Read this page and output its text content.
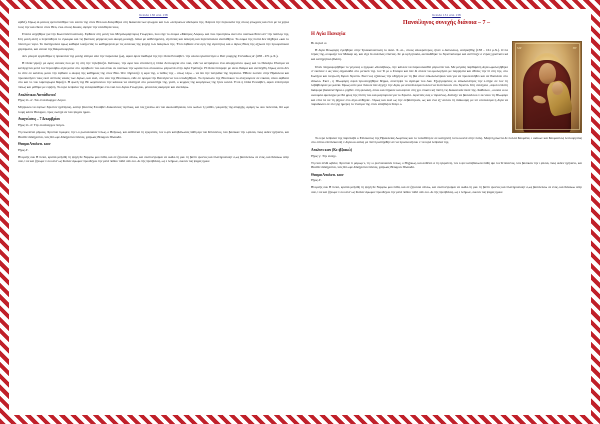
Σελίδα 130 από 138

αρθεί). Όμως αι μέσοις εμπιστεύθηκε τον εαυτό της στον Θεό και διεκρίθηκε στη διακονία των φτωχών και των «λεπρώτων αδελφών της. Χάρισε την περιουσία της στους φτωχούς και έτσι με τα χέρια τους την και έδεσε στον Θεό, ενώ στους δικούς, άφησε την ελευθερία τους.

Επειτα ασχήθηκε για την Κωνσταντινούπολη. Εφθασε στη μονή του Μεγαλομάρτυρος Γεωργίου, που είχε το όνομα «Μαύρος Λόφος» και που προσηλύω εκεί στο ναόπωκ θέλει απ' την παύλεμ της, Στη μονή αυτή ο περιπόθησε το εγκώμιο και τις βιοτικές μέριμνες και ακόμη μοναχή. Δέκα με ασθενημένες, νηστείας και άσκηση και περιπατούσα ανεπάθητα. Το σώμα της πιστά δεν δέχθηκε «και το πλύση με νερό. Το διατηρούσα όμως καθαρά λούζοντάς το καθημερινά με τις ασιελώς της ψυχής των δακρύων της. Έτσι έφθασε στα όρη της αγιότητος και ο Άγιος Θεός της αξίωσε την προορατικού χαρίσματα, και αυτού της θαυματουργίας.

Δεν μπορεί εργάσθηκε η πρόκειται της μονής εδόγκε από την παρούσια ζωή, αφού άρσε διαθορά της την Οσία Ελισάβετ. την οποία εγκατέστησε ο Πατ ριαρχης Γεννάδιος Α' (458 - 471 μ.Χ.).

Η Οσία γέμιζε με ώρες αυτούς που με τη στη την τηλεβλέζει. Κάποιος. την ώρα που επελέκτη η Οσία Λειτουργία στο ναό, είδε να αστράφτου ένα απορηριόντο φωςς και το Πανάγιο Πνεύμα να κατέρχεται μετά τον Ιερονόβιο αγία μέσα στο ιερόβιοτε του και όπου εκ ναόπωκ την ωραία που στοκούνω μπροστά στην Αγία Τράπεζα. Η Οσία πέλεμψε με αυτο θαύμα και ανεπέχθη. Όμως αυτό δεν το είπε σε κανένα, μόνο την έφθασε ο αυφός της καθημιας της στον Θεό. Ότε πήρτασζε η ώρα της, ο πόθος της – όπως λέγω – να δει την πατράδα της περίσσια. Ήθελε λοιπόν στην Ηράκλεια και προσκυνήσει τους εκεί σεπτούς ναούς των Αγίων, και εκεί, στο ναό της Θεοτόκου, είδε σε όραμα την Παναγία να του υποδεχθήκει. Το πρόσωπο της Θεοτόκου το ανεγνώρισε σε εικόνα, όπου αφθασε στο και το του λαμπυρωρα θαμιζεί. Η φωνή της Θε ωεμπιοντου την κάνοκκ να υπατηρεί στο μοναστήρι της, γιατί, ο κεμρός της κοιμήσεως της ήτον κοντά. Έτσι η Οσία Ελισάβετ, αφού επέστρεψε πίσως και μέθηκε με ειρήνη. Το ιερό λειψανό της ευταφιάσθηκε στο ναό του Αγίου Γεωργίου, μέσοντας ακόμησε και ανεπάφω.

Απολύτικιο Ανεπάθωτοι!

Ήχος πλ. α'. Τον σνυνάναρχον Λόγον.

Μητριώλο να λιφτων Χριστόν ηγάπησας, ώσπερ βλαστός Ελισάβετ διακονίονες τερπνώς, και τας ξυνάτω αει τού ακολουθήσασα, τών ιωνίων ή γνάθιν, γουμενής της απαρχής, αμύμη τω σου πολιτείαι, θεί ωμε τοιμη κάσιν Θεόφρον, προς σωτηρί αν τών ψυχών ημών.

Αναγνώσεις – 7 Δεκεμβρίου

Ήχος πλ. δ'. Την συνάναρχον Λόγον.

Τη ενωλίσται μήκους, Χριστού τιμώμεν, την ι-υ ρωπούσασαν τελως, ο Θεήκιως, και ασθένειαι τη εγκρατείς, τον ό-φιν κατεβάλωσας πάθη αμι τού Κτίσαντος, τών βασικών την ι-φύσαι, πιώς ουδεν ηγήσατο, και Θεοθέν δεδόξασται, τοίς θεί ωμε διδόξασται πάντας, χαίρωας Θεόφρον Πλακιδά.

Θαυμα Απολυτι. κιον

Ήχος δ'.

Ητομνής σου Η τυποί, κρατάι μνήσθη τη ψυχή Σε Νεμφίω μου πεθά, και σέ ζητούσα σέλλω, και συστυντροίμαι να σωθώ τη μια. τη βαπτι ιροντος και πλανηριοποιητ ό,ως βασιλεύσω σε ενός, και θανάωω υπέρ σού, ί να και ζήνωμε ν σοι αλλ' ως θυσίαν άμωμον προσδέχου την μετά πόθου τυθεί σάν σοι. Αι τής πρεσβείαις, ως ε λεήμων, σώσον τας ψυχας ημών.

Σελίδα 131 από 138
Πανσέληνος συνεχής διάνοια – 7 –
Η Αγία Παναγία
ΜΡ	ΘΥ

Βι συγκεί οι

Η Αγία Πλωφόρη εγκήθηκε στην Τρακιανούπολη το Δανι. Χ. αι., στους αποκρότερος, ήταν ο Αντιώλιος, ασέρκήθης (138 – 161 μ.Χ.). Ο πα τέρας της, ονομαζό τον Μάκαρ ας, και είχε δι σκέλλας επιστας. Σε μι κρή ηλικία, αοπεκδθηκε το Χριστιανισμό και ανέπτυξε ό ντρας χριστιανι κά και κατηχητικό βλάση.

Όταν πληροφορήθηκε το γεγονός ο ηγεμών «Σεσάβιος», την κάλεσε να παρουσιασθεί μπροστά τού. Με μεγάλη παρθαμίνη Αγία ωμολογήθηκε σ' εκείνον ε ώς νέος σημειώθει στο μετώπι της. τον Τι μι ο Σταυρό και δεν δί στασε να ομολογήσει με παρρησία και εθύλις την πί στη της. στο Σωτήρα και λυτρωτή Ιησού Χριστό. Εκεί νος εξάλλως την εδήγησε με τη βία στον ειδωλολατρικό ναό για να προσκυνήθει και να θυσιάσει στο είδωλο. Εκεί , η Πλωφόρη σφού προσευχήθηκε θέρμα, συνετρψε το άγαλμα του Δια. Εξοργισμένος οι ειδωλολάτρες την ε-πήρε σε τον τη λεβάβλησαν με μανία. Όμως ούτε μια πνέοσε δεν άγγιξε την Αγία, με αποτέλεσμα πολλοί να πιστεύσουν στο Χριστό. Στη συνέχεια , αφού υπέστη διάφορα βασανιστήρια ο ριχθεν στη φυλακή, όπου και πήρασε και αφύσε στη χρι στοανι κή πίστη τις διακοιλνάε δεσέ της. Καθόλου , ουσσα οι κι οιονομία αμελόγμε με θά μρος της πίστη του και μαρτυρισα για το Χριστό. Αριστείς σας ο τύραννος, διάταξε να βασανίσου ν εκ νέου τη Πλωφόρι και είτα τα να τη ρίξουν στο άγιο ανθηρία . Όμως και εκεί ως την σεβάστηκαν, ως και ενα εξ' αυτών τη διάκοσμη με υπ οτελκεσμα η Αγία να παραδώσει σε ελί γης ημέρες το πνεύμα της στον ειδεβλήσε Κύρι ο.

Το ιερό λείψανό της παρέλαβε ο Επίσκοπος της Ηρακλείας Δωμίτιος και το τοποθέτησε σε κατηρντή τοπο κοντά στην πόλη. Μαρτη ρίωντα δε πολλά θαυμάτα, ι οιάκων και θαυμαστώς λειτουργείας στο σπύιο επιπλέκονσή ν Αγία οκ ασίας με πίστη κατήφθην αν να προσκυνήσου ν τα ιερά λείψανά της.

Απολυτι κιον (Κε ιβξιακώ)

Ήχος γ'. Την εύσηρ.

Τη εναι λένθι ωβανν, Χριστού τι μόμωμ ν, τη ι ο ρυντούσασαν τελως, ο Θηξικως, και ασθένει α τη εγκρατείς, τον ό φιν κατεβάλωσα πάθη αμι τον Κτίσαντος, τών βασικών την ι φύσαι, πιώς ουδεν ηγήσατο, και Θεοθέν δεδόξασται, τοίς θεί ωμε διδόξασται πάντας, χαίρωας Θεόφρον Πλακιδά.

Θαυμα Απολυτι. κιον

Ήχος δ'.

Ητομνής σου Η τυποί, κρατάι μνήσθη τη ψυχή Σε Νεμφίω μου πεθά, και σέ ζητούσα σέλλω, και συστυντροίμαι να σωθώ τη μια. τη βαπτι ιροντος και πλανηριοποιητ ό,ως βασιλεύσω σε ενός, και θανάωω υπέρ σού, ί να και ζήνωμε ν σοι αλλ' ως θυσίαν άμωμον προσδέχου την μετά πόθου τυθεί σάν σοι. Αι τής πρεσβείαις, ως ε λεήμων, σώσον τας ψυχας ημών.
